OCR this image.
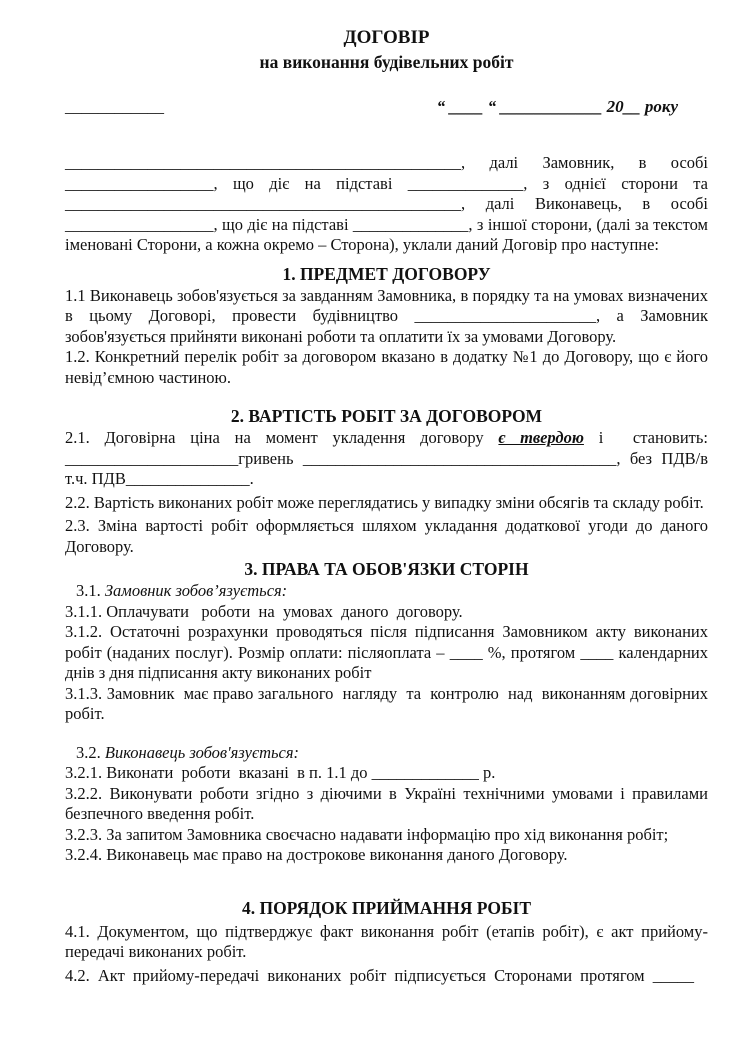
ДОГОВІР
на виконання будівельних робіт
____________	“ ____ “ ____________ 20__ року
________________________________________________, далі Замовник, в особі __________________, що діє на підставі ______________, з однієї сторони та ________________________________________________, далі Виконавець, в особі __________________, що діє на підставі ______________, з іншої сторони, (далі за текстом іменовані Сторони, а кожна окремо – Сторона), уклали даний Договір про наступне:
1. ПРЕДМЕТ ДОГОВОРУ
1.1 Виконавець зобов'язується за завданням Замовника, в порядку та на умовах визначених в цьому Договорі, провести будівництво ______________________, а Замовник зобов'язується прийняти виконані роботи та оплатити їх за умовами Договору.
1.2. Конкретний перелік робіт за договором вказано в додатку №1 до Договору, що є його невід’ємною частиною.
2. ВАРТІСТЬ РОБІТ ЗА ДОГОВОРОМ
2.1. Договірна ціна на момент укладення договору є твердою і  становить: _____________________гривень ______________________________________, без ПДВ/в т.ч. ПДВ_______________.
2.2. Вартість виконаних робіт може переглядатись у випадку зміни обсягів та складу робіт.
2.3. Зміна вартості робіт оформляється шляхом укладання додаткової угоди до даного Договору.
3. ПРАВА ТА ОБОВ'ЯЗКИ СТОРІН
3.1. Замовник зобов’язується:
3.1.1. Оплачувати   роботи  на  умовах  даного  договору.
3.1.2. Остаточні розрахунки проводяться після підписання Замовником акту виконаних робіт (наданих послуг). Розмір оплати: післяоплата – ____ %, протягом ____ календарних днів з дня підписання акту виконаних робіт
3.1.3. Замовник  має право загального  нагляду  та  контролю  над  виконанням договірних робіт.
3.2. Виконавець зобов'язується:
3.2.1. Виконати  роботи  вказані  в п. 1.1 до _____________ р.
3.2.2. Виконувати роботи згідно з діючими в Україні технічними умовами і правилами безпечного введення робіт.
3.2.3. За запитом Замовника своєчасно надавати інформацію про хід виконання робіт;
3.2.4. Виконавець має право на дострокове виконання даного Договору.
4. ПОРЯДОК ПРИЙМАННЯ РОБІТ
4.1. Документом, що підтверджує факт виконання робіт (етапів робіт), є акт прийому-передачі виконаних робіт.
4.2. Акт прийому-передачі виконаних робіт підписується Сторонами протягом _____
